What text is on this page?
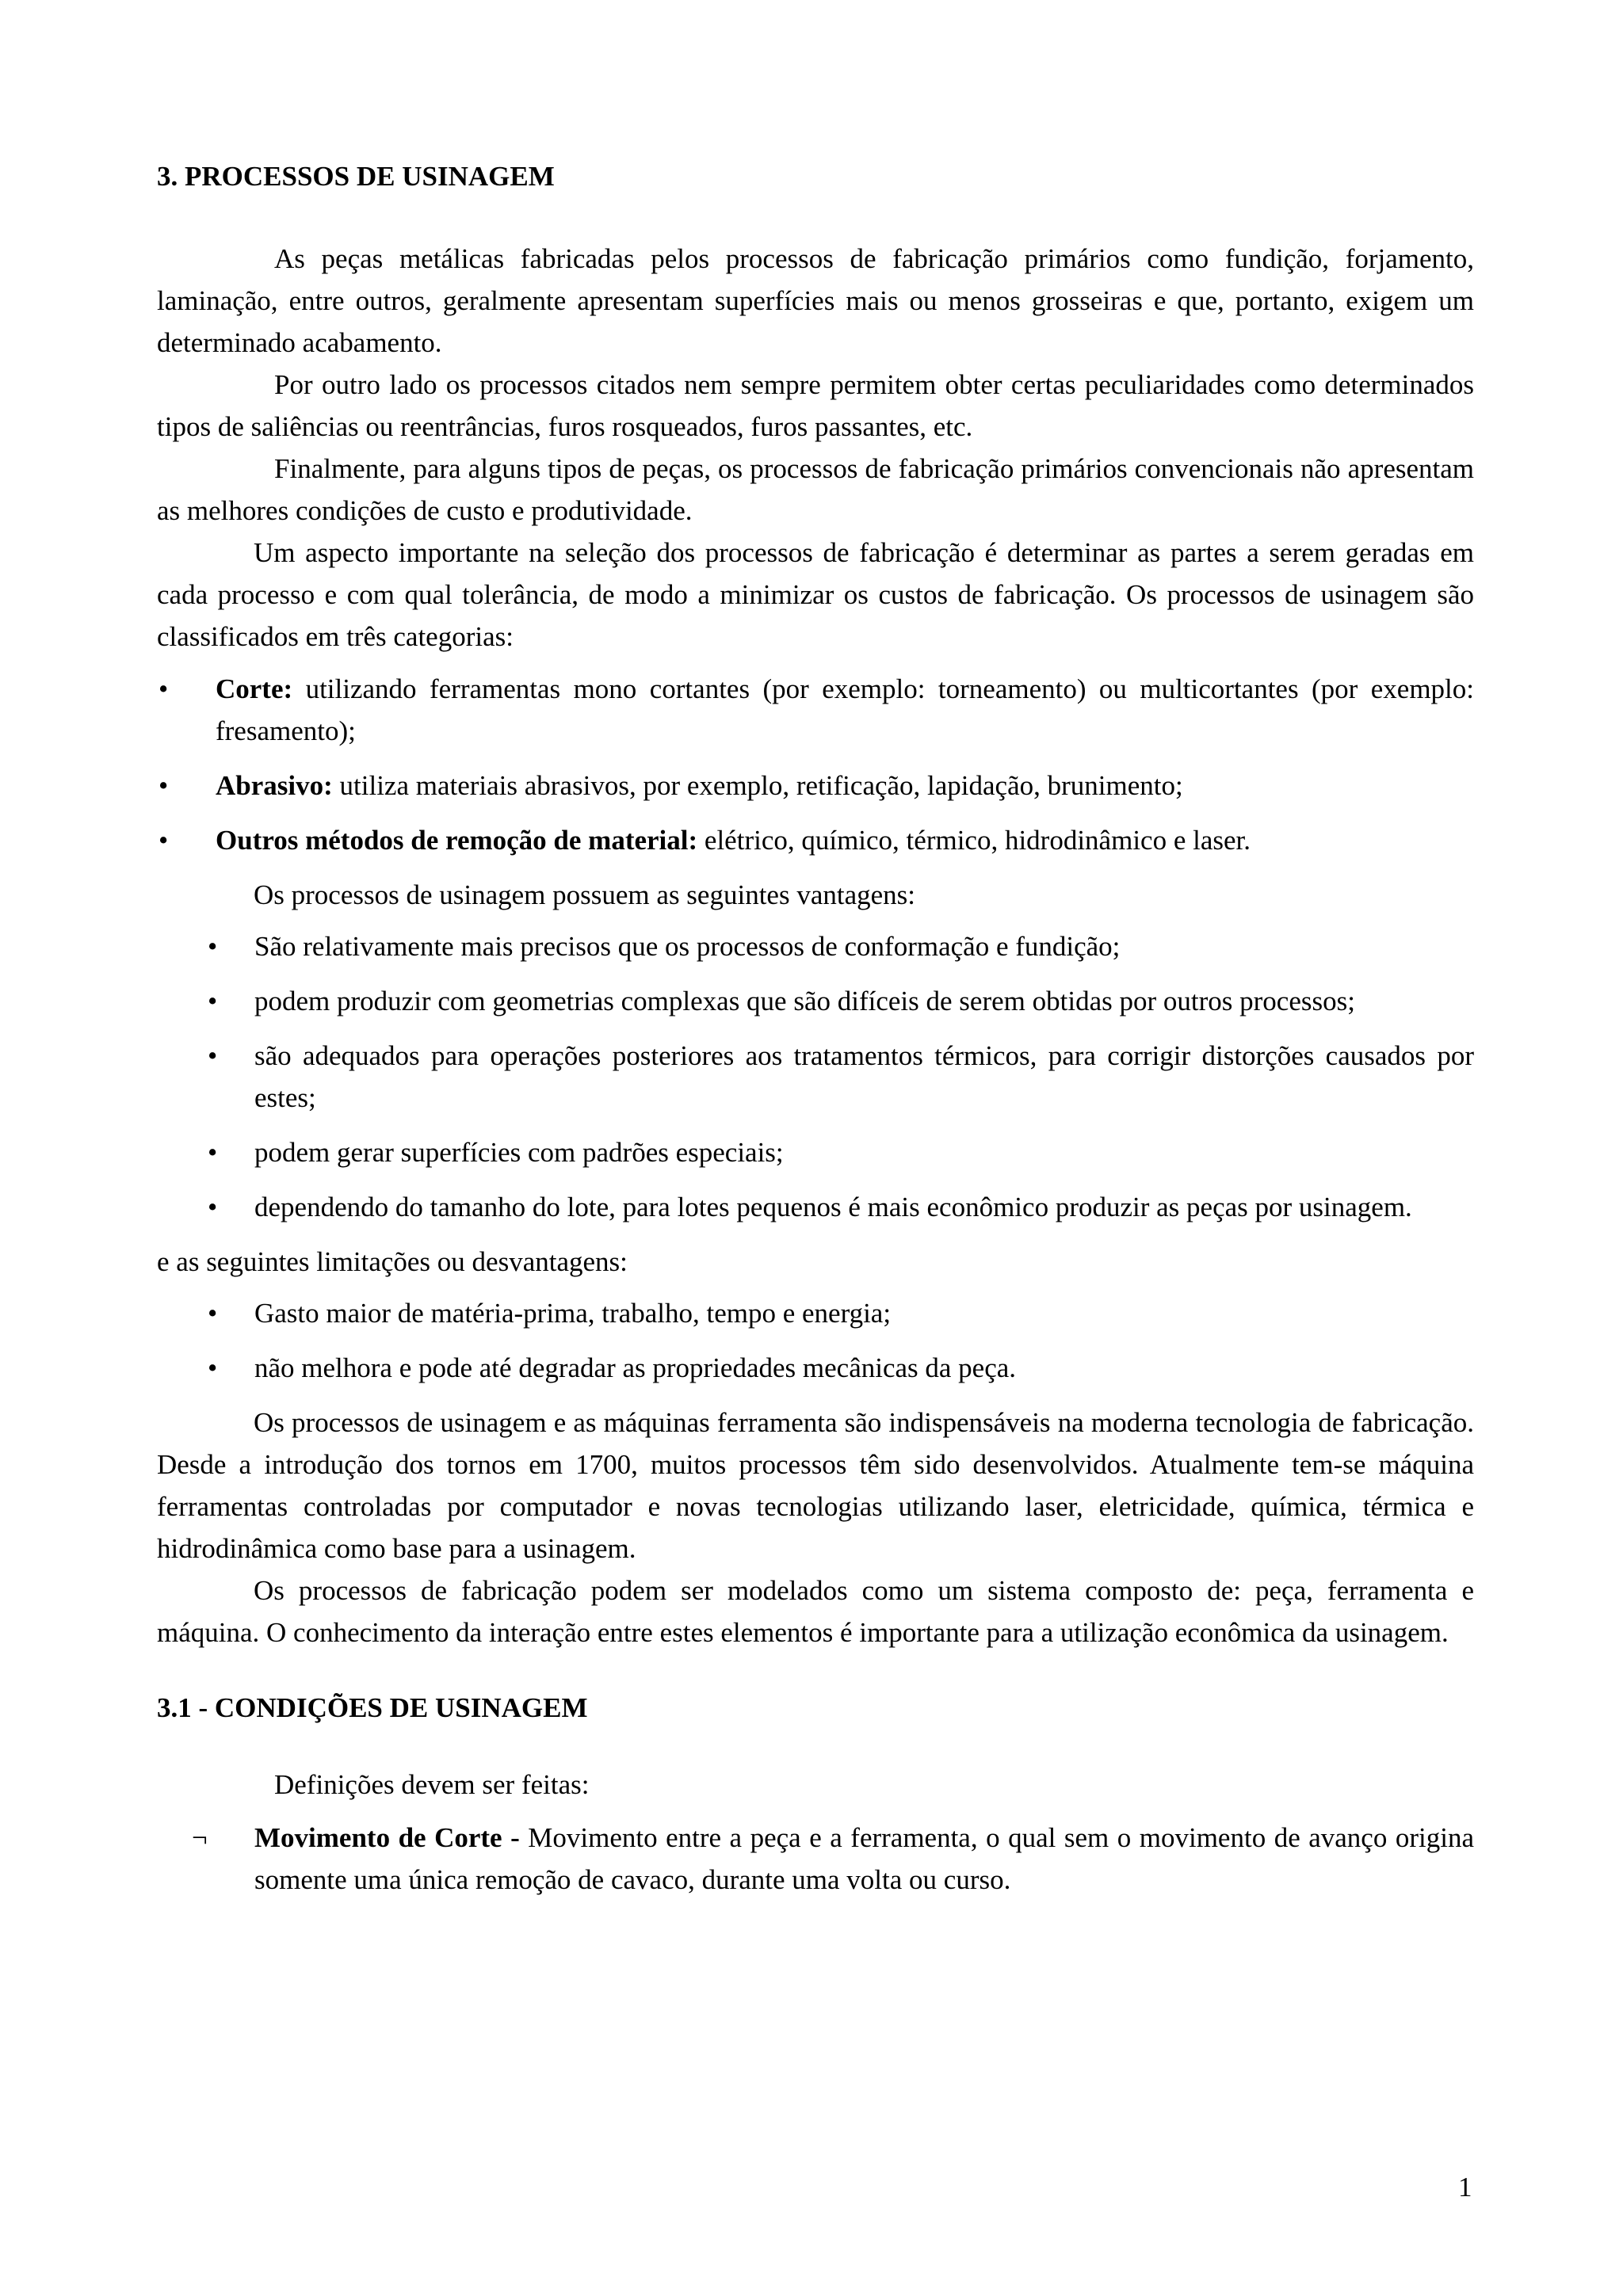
3. PROCESSOS DE USINAGEM

As peças metálicas fabricadas pelos processos de fabricação primários como fundição, forjamento, laminação, entre outros, geralmente apresentam superfícies mais ou menos grosseiras e que, portanto, exigem um determinado acabamento.

Por outro lado os processos citados nem sempre permitem obter certas peculiaridades como determinados tipos de saliências ou reentrâncias, furos rosqueados, furos passantes, etc.

Finalmente, para alguns tipos de peças, os processos de fabricação primários convencionais não apresentam as melhores condições de custo e produtividade.

Um aspecto importante na seleção dos processos de fabricação é determinar as partes a serem geradas em cada processo e com qual tolerância, de modo a minimizar os custos de fabricação. Os processos de usinagem são classificados em três categorias:

• Corte: utilizando ferramentas mono cortantes (por exemplo: torneamento) ou multicortantes (por exemplo: fresamento);
• Abrasivo: utiliza materiais abrasivos, por exemplo, retificação, lapidação, brunimento;
• Outros métodos de remoção de material: elétrico, químico, térmico, hidrodinâmico e laser.

Os processos de usinagem possuem as seguintes vantagens:

• São relativamente mais precisos que os processos de conformação e fundição;
• podem produzir com geometrias complexas que são difíceis de serem obtidas por outros processos;
• são adequados para operações posteriores aos tratamentos térmicos, para corrigir distorções causados por estes;
• podem gerar superfícies com padrões especiais;
• dependendo do tamanho do lote, para lotes pequenos é mais econômico produzir as peças por usinagem.

e as seguintes limitações ou desvantagens:

• Gasto maior de matéria-prima, trabalho, tempo e energia;
• não melhora e pode até degradar as propriedades mecânicas da peça.

Os processos de usinagem e as máquinas ferramenta são indispensáveis na moderna tecnologia de fabricação. Desde a introdução dos tornos em 1700, muitos processos têm sido desenvolvidos. Atualmente tem-se máquina ferramentas controladas por computador e novas tecnologias utilizando laser, eletricidade, química, térmica e hidrodinâmica como base para a usinagem.

Os processos de fabricação podem ser modelados como um sistema composto de: peça, ferramenta e máquina. O conhecimento da interação entre estes elementos é importante para a utilização econômica da usinagem.

3.1 - CONDIÇÕES DE USINAGEM

Definições devem ser feitas:

¬ Movimento de Corte - Movimento entre a peça e a ferramenta, o qual sem o movimento de avanço origina somente uma única remoção de cavaco, durante uma volta ou curso.
1
